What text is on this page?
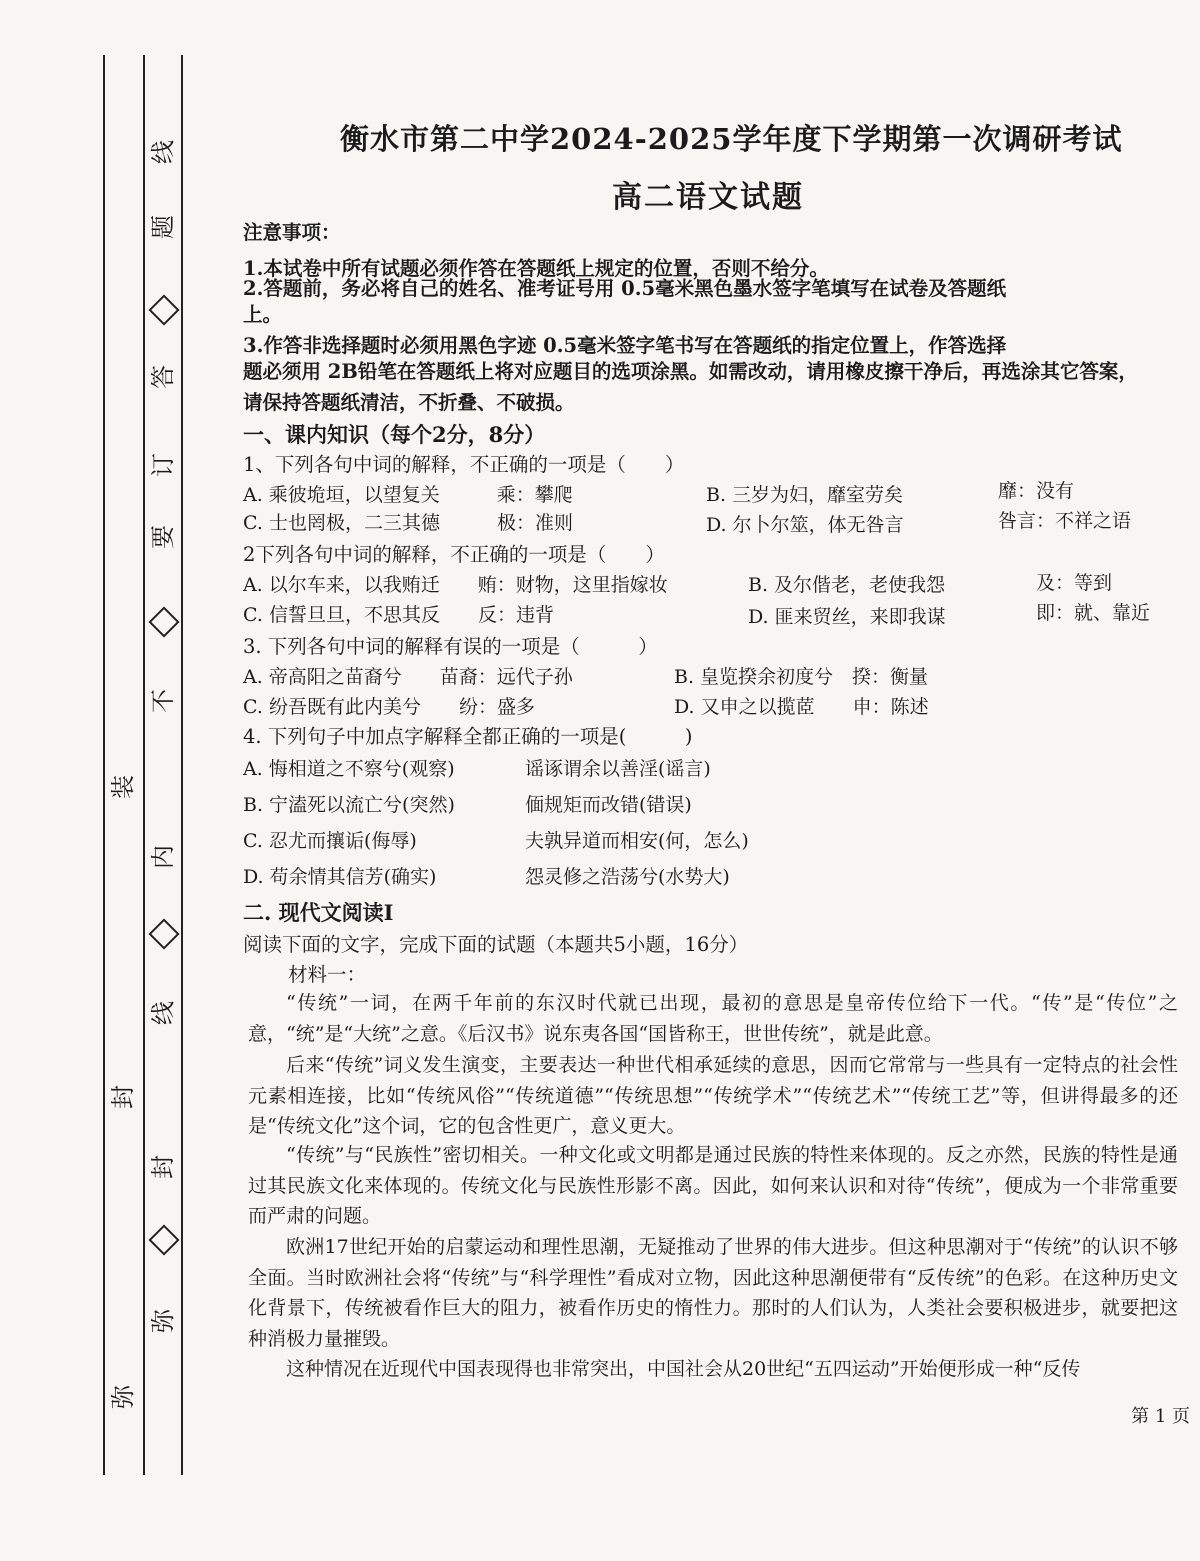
线
题
答
订
要
不
装
内
线
封
封
弥
弥
衡水市第二中学2024-2025学年度下学期第一次调研考试
高二语文试题
注意事项：
1.本试卷中所有试题必须作答在答题纸上规定的位置，否则不给分。
2.答题前，务必将自己的姓名、准考证号用 0.5毫米黑色墨水签字笔填写在试卷及答题纸
上。
3.作答非选择题时必须用黑色字迹 0.5毫米签字笔书写在答题纸的指定位置上，作答选择
题必须用 2B铅笔在答题纸上将对应题目的选项涂黑。如需改动，请用橡皮擦干净后，再选涂其它答案，
请保持答题纸清洁，不折叠、不破损。
一、课内知识（每个2分，8分）
1、下列各句中词的解释，不正确的一项是（　　）
A. 乘彼垝垣，以望复关　　　乘：攀爬	B. 三岁为妇，靡室劳矣	靡：没有
C. 士也罔极，二三其德　　　极：准则	D. 尔卜尔筮，体无咎言	咎言：不祥之语
2下列各句中词的解释，不正确的一项是（　　）
A. 以尔车来，以我贿迁　　贿：财物，这里指嫁妆	B. 及尔偕老，老使我怨	及：等到
C. 信誓旦旦，不思其反　　反：违背	D. 匪来贸丝，来即我谋	即：就、靠近
3. 下列各句中词的解释有误的一项是（　　　）
A. 帝高阳之苗裔兮　　苗裔：远代子孙	B. 皇览揆余初度兮　揆：衡量
C. 纷吾既有此内美兮　　纷：盛多	D. 又申之以揽茝　　申：陈述
4. 下列句子中加点字解释全都正确的一项是(　　　)
A. 悔相道之不察兮(观察)	谣诼谓余以善淫(谣言)
B. 宁溘死以流亡兮(突然)	偭规矩而改错(错误)
C. 忍尤而攘诟(侮辱)	夫孰异道而相安(何，怎么)
D. 苟余情其信芳(确实)	怨灵修之浩荡兮(水势大)
二. 现代文阅读Ⅰ
阅读下面的文字，完成下面的试题（本题共5小题，16分）
材料一：
“传统”一词，在两千年前的东汉时代就已出现，最初的意思是皇帝传位给下一代。“传”是“传位”之意，“统”是“大统”之意。《后汉书》说东夷各国“国皆称王，世世传统”，就是此意。
后来“传统”词义发生演变，主要表达一种世代相承延续的意思，因而它常常与一些具有一定特点的社会性元素相连接，比如“传统风俗”“传统道德”“传统思想”“传统学术”“传统艺术”“传统工艺”等，但讲得最多的还是“传统文化”这个词，它的包含性更广，意义更大。
“传统”与“民族性”密切相关。一种文化或文明都是通过民族的特性来体现的。反之亦然，民族的特性是通过其民族文化来体现的。传统文化与民族性形影不离。因此，如何来认识和对待“传统”，便成为一个非常重要而严肃的问题。
欧洲17世纪开始的启蒙运动和理性思潮，无疑推动了世界的伟大进步。但这种思潮对于“传统”的认识不够全面。当时欧洲社会将“传统”与“科学理性”看成对立物，因此这种思潮便带有“反传统”的色彩。在这种历史文化背景下，传统被看作巨大的阻力，被看作历史的惰性力。那时的人们认为，人类社会要积极进步，就要把这种消极力量摧毁。
这种情况在近现代中国表现得也非常突出，中国社会从20世纪“五四运动”开始便形成一种“反传
第 1 页
